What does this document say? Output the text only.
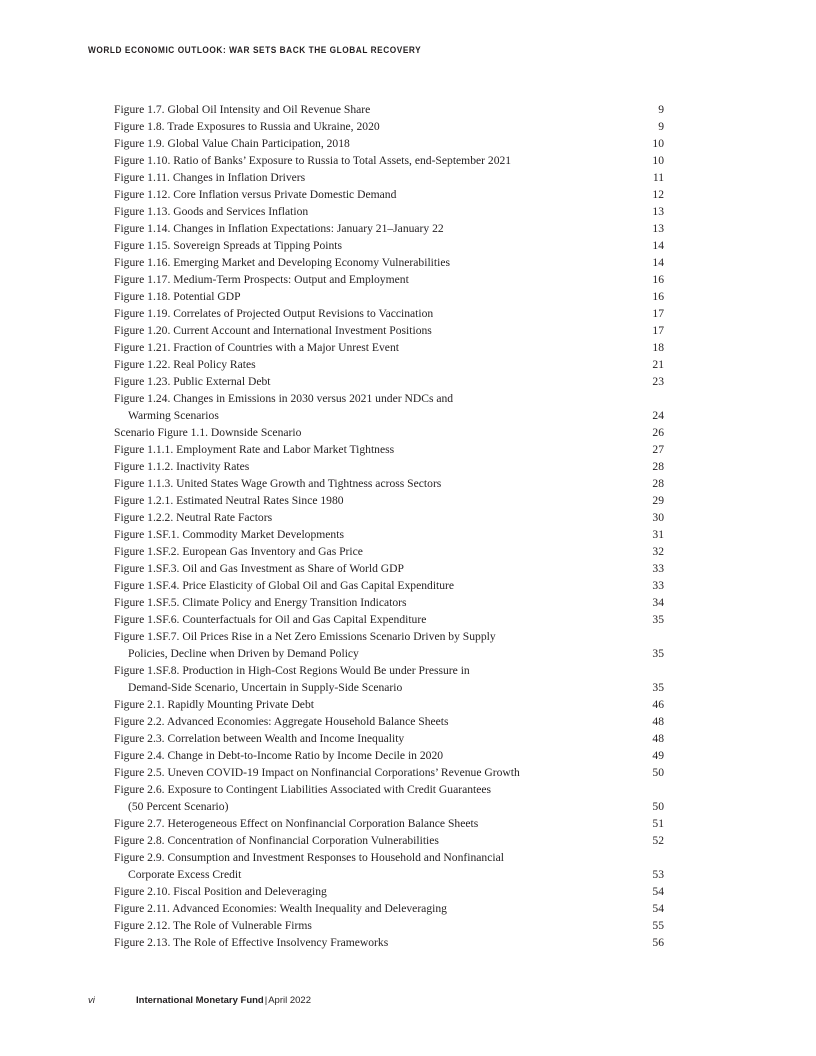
WORLD ECONOMIC OUTLOOK: WAR SETS BACK THE GLOBAL RECOVERY
Figure 1.7. Global Oil Intensity and Oil Revenue Share	9
Figure 1.8. Trade Exposures to Russia and Ukraine, 2020	9
Figure 1.9. Global Value Chain Participation, 2018	10
Figure 1.10. Ratio of Banks’ Exposure to Russia to Total Assets, end-September 2021	10
Figure 1.11. Changes in Inflation Drivers	11
Figure 1.12. Core Inflation versus Private Domestic Demand	12
Figure 1.13. Goods and Services Inflation	13
Figure 1.14. Changes in Inflation Expectations: January 21–January 22	13
Figure 1.15. Sovereign Spreads at Tipping Points	14
Figure 1.16. Emerging Market and Developing Economy Vulnerabilities	14
Figure 1.17. Medium-Term Prospects: Output and Employment	16
Figure 1.18. Potential GDP	16
Figure 1.19. Correlates of Projected Output Revisions to Vaccination	17
Figure 1.20. Current Account and International Investment Positions	17
Figure 1.21. Fraction of Countries with a Major Unrest Event	18
Figure 1.22. Real Policy Rates	21
Figure 1.23. Public External Debt	23
Figure 1.24. Changes in Emissions in 2030 versus 2021 under NDCs and
Warming Scenarios	24
Scenario Figure 1.1. Downside Scenario	26
Figure 1.1.1. Employment Rate and Labor Market Tightness	27
Figure 1.1.2. Inactivity Rates	28
Figure 1.1.3. United States Wage Growth and Tightness across Sectors	28
Figure 1.2.1. Estimated Neutral Rates Since 1980	29
Figure 1.2.2. Neutral Rate Factors	30
Figure 1.SF.1. Commodity Market Developments	31
Figure 1.SF.2. European Gas Inventory and Gas Price	32
Figure 1.SF.3. Oil and Gas Investment as Share of World GDP	33
Figure 1.SF.4. Price Elasticity of Global Oil and Gas Capital Expenditure	33
Figure 1.SF.5. Climate Policy and Energy Transition Indicators	34
Figure 1.SF.6. Counterfactuals for Oil and Gas Capital Expenditure	35
Figure 1.SF.7. Oil Prices Rise in a Net Zero Emissions Scenario Driven by Supply
Policies, Decline when Driven by Demand Policy	35
Figure 1.SF.8. Production in High-Cost Regions Would Be under Pressure in
Demand-Side Scenario, Uncertain in Supply-Side Scenario	35
Figure 2.1. Rapidly Mounting Private Debt	46
Figure 2.2. Advanced Economies: Aggregate Household Balance Sheets	48
Figure 2.3. Correlation between Wealth and Income Inequality	48
Figure 2.4. Change in Debt-to-Income Ratio by Income Decile in 2020	49
Figure 2.5. Uneven COVID-19 Impact on Nonfinancial Corporations’ Revenue Growth	50
Figure 2.6. Exposure to Contingent Liabilities Associated with Credit Guarantees
(50 Percent Scenario)	50
Figure 2.7. Heterogeneous Effect on Nonfinancial Corporation Balance Sheets	51
Figure 2.8. Concentration of Nonfinancial Corporation Vulnerabilities	52
Figure 2.9. Consumption and Investment Responses to Household and Nonfinancial
Corporate Excess Credit	53
Figure 2.10. Fiscal Position and Deleveraging	54
Figure 2.11. Advanced Economies: Wealth Inequality and Deleveraging	54
Figure 2.12. The Role of Vulnerable Firms	55
Figure 2.13. The Role of Effective Insolvency Frameworks	56
vi	International Monetary Fund|April 2022
